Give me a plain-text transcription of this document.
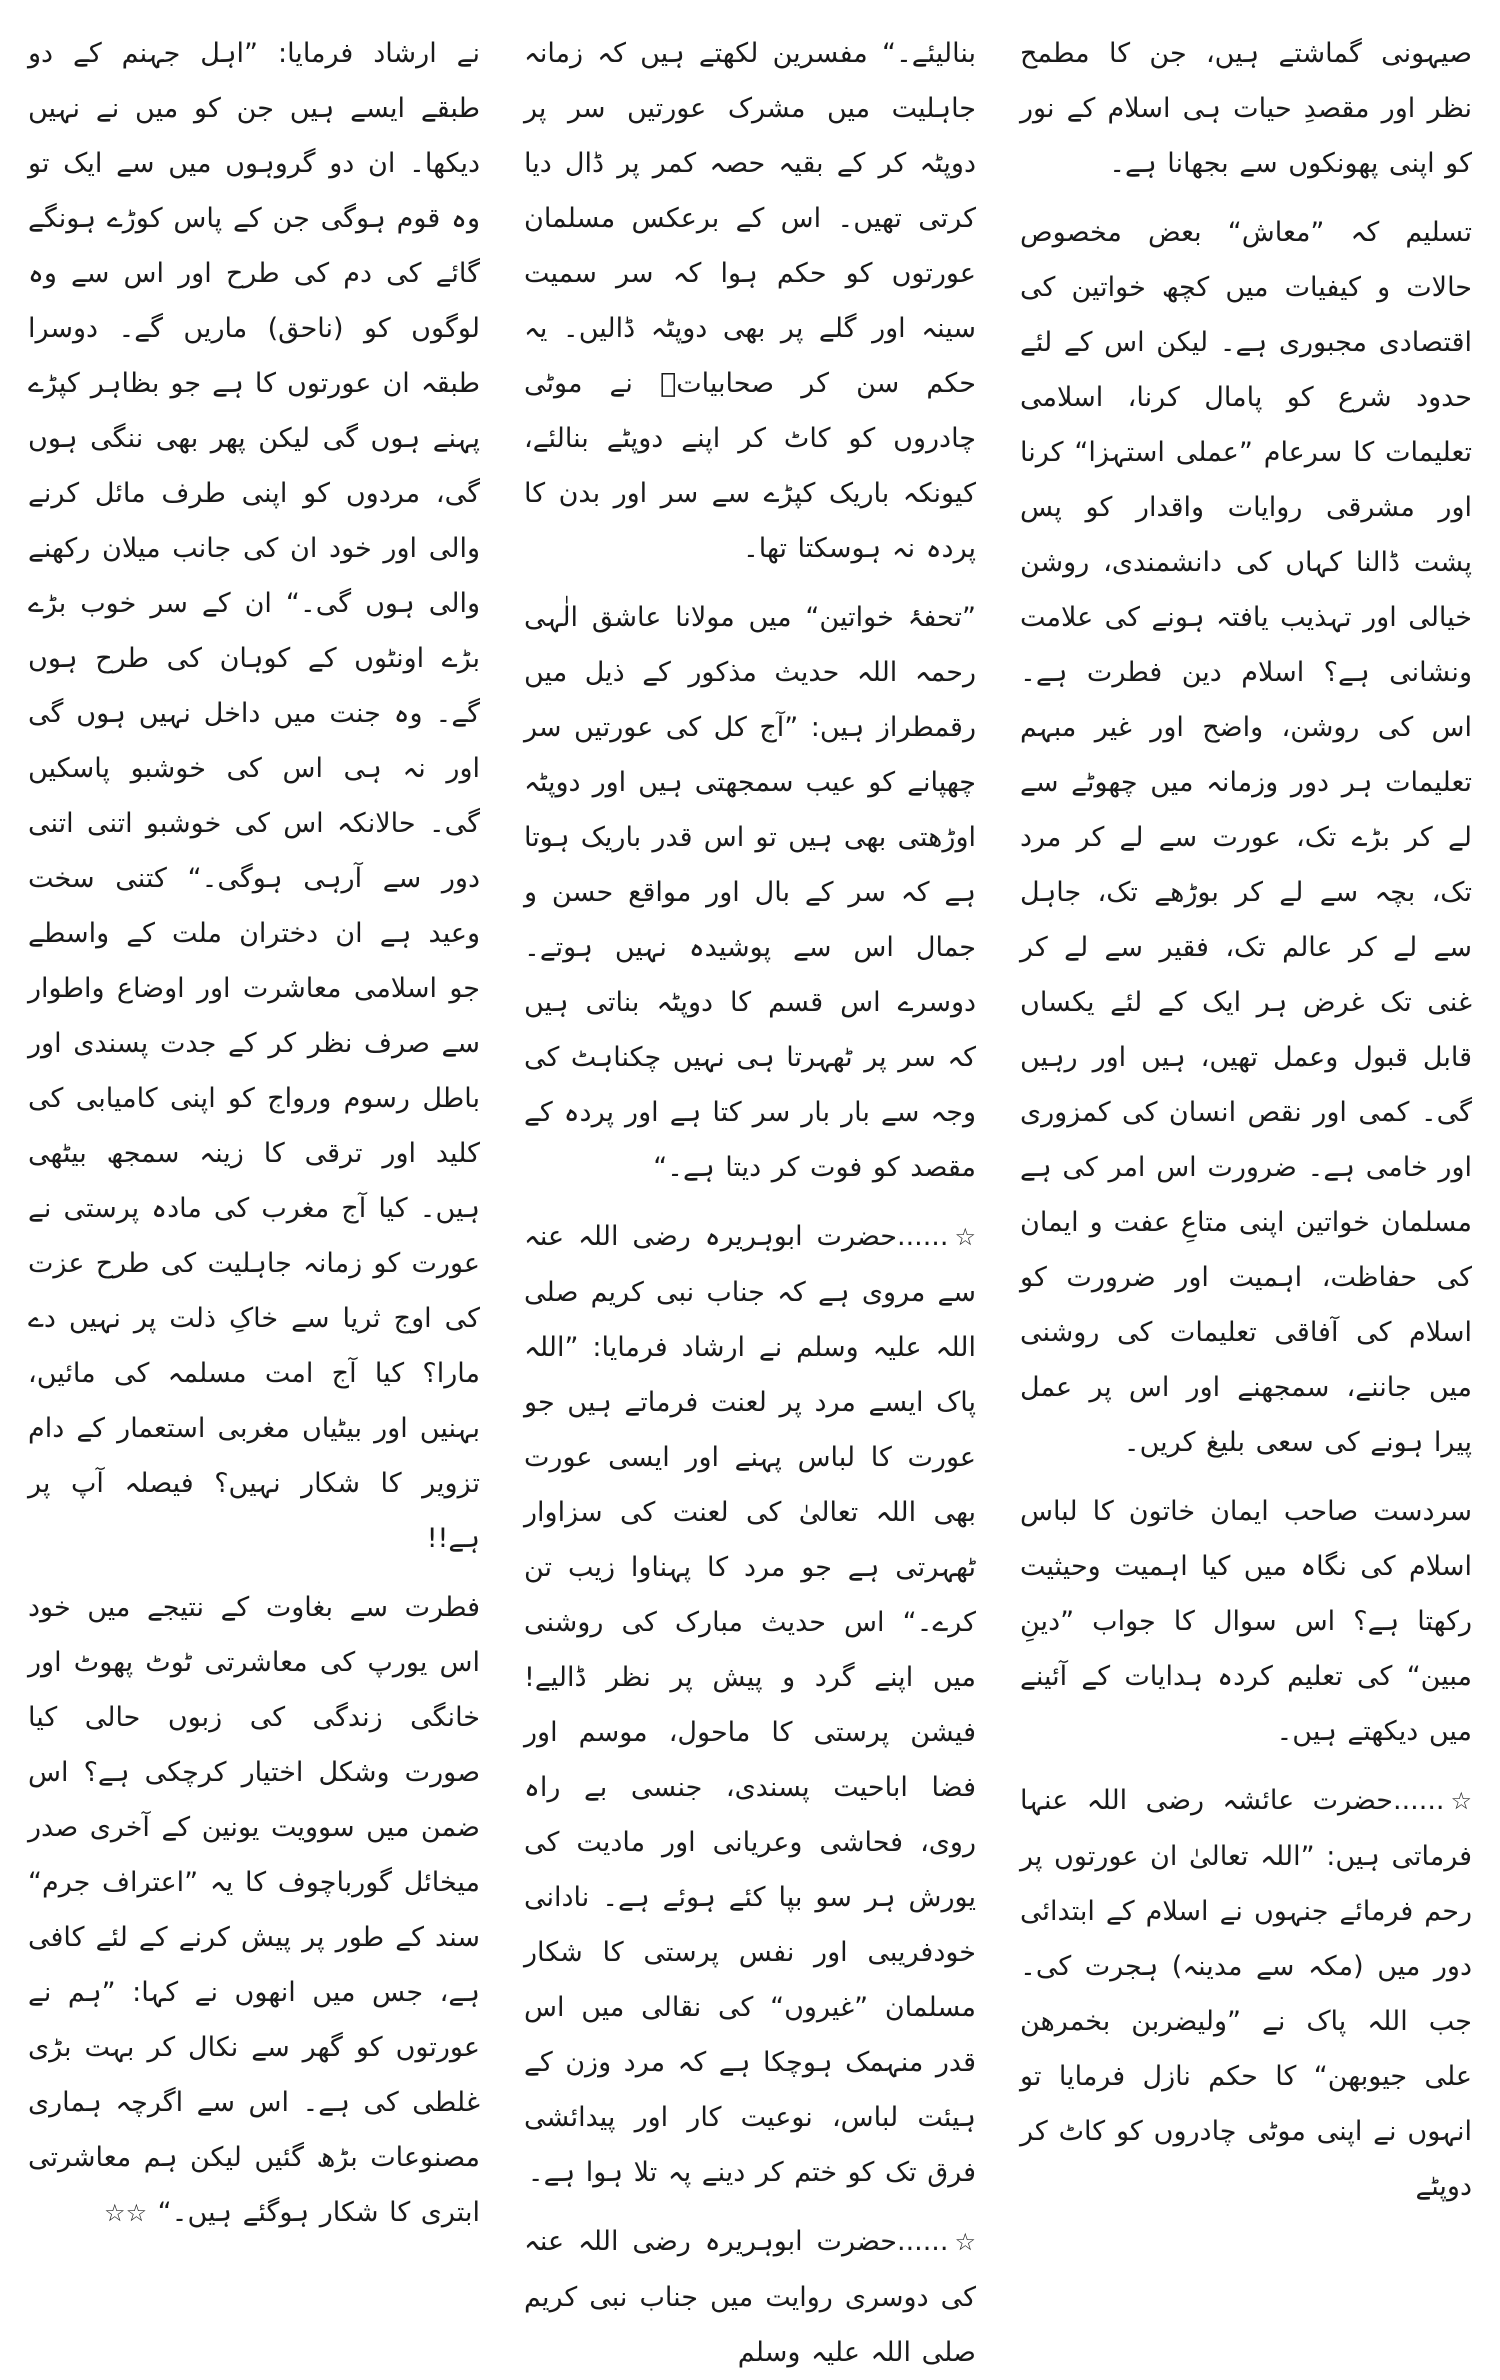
صیہونی گماشتے ہیں، جن کا مطمح نظر اور مقصدِ حیات ہی اسلام کے نور کو اپنی پھونکوں سے بجھانا ہے۔

تسلیم کہ ”معاش“ بعض مخصوص حالات و کیفیات میں کچھ خواتین کی اقتصادی مجبوری ہے۔ لیکن اس کے لئے حدود شرع کو پامال کرنا، اسلامی تعلیمات کا سرعام ”عملی استہزا“ کرنا اور مشرقی روایات واقدار کو پس پشت ڈالنا کہاں کی دانشمندی، روشن خیالی اور تہذیب یافتہ ہونے کی علامت ونشانی ہے؟ اسلام دین فطرت ہے۔ اس کی روشن، واضح اور غیر مبہم تعلیمات ہر دور وزمانہ میں چھوٹے سے لے کر بڑے تک، عورت سے لے کر مرد تک، بچہ سے لے کر بوڑھے تک، جاہل سے لے کر عالم تک، فقیر سے لے کر غنی تک غرض ہر ایک کے لئے یکساں قابل قبول وعمل تھیں، ہیں اور رہیں گی۔ کمی اور نقص انسان کی کمزوری اور خامی ہے۔ ضرورت اس امر کی ہے مسلمان خواتین اپنی متاعِ عفت و ایمان کی حفاظت، اہمیت اور ضرورت کو اسلام کی آفاقی تعلیمات کی روشنی میں جاننے، سمجھنے اور اس پر عمل پیرا ہونے کی سعی بلیغ کریں۔

سردست صاحب ایمان خاتون کا لباس اسلام کی نگاہ میں کیا اہمیت وحیثیت رکھتا ہے؟ اس سوال کا جواب ”دینِ مبین“ کی تعلیم کردہ ہدایات کے آئینے میں دیکھتے ہیں۔

☆......حضرت عائشہ رضی اللہ عنہا فرماتی ہیں: ”اللہ تعالیٰ ان عورتوں پر رحم فرمائے جنہوں نے اسلام کے ابتدائی دور میں (مکہ سے مدینہ) ہجرت کی۔ جب اللہ پاک نے ”ولیضربن بخمرھن علی جیوبھن“ کا حکم نازل فرمایا تو انہوں نے اپنی موٹی چادروں کو کاٹ کر دوپٹے

بنالیئے۔“ مفسرین لکھتے ہیں کہ زمانہ جاہلیت میں مشرک عورتیں سر پر دوپٹہ کر کے بقیہ حصہ کمر پر ڈال دیا کرتی تھیں۔ اس کے برعکس مسلمان عورتوں کو حکم ہوا کہ سر سمیت سینہ اور گلے پر بھی دوپٹہ ڈالیں۔ یہ حکم سن کر صحابیاتؓ نے موٹی چادروں کو کاٹ کر اپنے دوپٹے بنالئے، کیونکہ باریک کپڑے سے سر اور بدن کا پردہ نہ ہوسکتا تھا۔

”تحفۂ خواتین“ میں مولانا عاشق الٰہی رحمہ اللہ حدیث مذکور کے ذیل میں رقمطراز ہیں: ”آج کل کی عورتیں سر چھپانے کو عیب سمجھتی ہیں اور دوپٹہ اوڑھتی بھی ہیں تو اس قدر باریک ہوتا ہے کہ سر کے بال اور مواقع حسن و جمال اس سے پوشیدہ نہیں ہوتے۔ دوسرے اس قسم کا دوپٹہ بناتی ہیں کہ سر پر ٹھہرتا ہی نہیں چکناہٹ کی وجہ سے بار بار سر کتا ہے اور پردہ کے مقصد کو فوت کر دیتا ہے۔“

☆......حضرت ابوہریرہ رضی اللہ عنہ سے مروی ہے کہ جناب نبی کریم صلی اللہ علیہ وسلم نے ارشاد فرمایا: ”اللہ پاک ایسے مرد پر لعنت فرماتے ہیں جو عورت کا لباس پہنے اور ایسی عورت بھی اللہ تعالیٰ کی لعنت کی سزاوار ٹھہرتی ہے جو مرد کا پہناوا زیب تن کرے۔“ اس حدیث مبارک کی روشنی میں اپنے گرد و پیش پر نظر ڈالیے! فیشن پرستی کا ماحول، موسم اور فضا اباحیت پسندی، جنسی بے راہ روی، فحاشی وعریانی اور مادیت کی یورش ہر سو بپا کئے ہوئے ہے۔ نادانی خودفریبی اور نفس پرستی کا شکار مسلمان ”غیروں“ کی نقالی میں اس قدر منہمک ہوچکا ہے کہ مرد وزن کے ہیئت لباس، نوعیت کار اور پیدائشی فرق تک کو ختم کر دینے پہ تلا ہوا ہے۔

☆......حضرت ابوہریرہ رضی اللہ عنہ کی دوسری روایت میں جناب نبی کریم صلی اللہ علیہ وسلم

نے ارشاد فرمایا: ”اہل جہنم کے دو طبقے ایسے ہیں جن کو میں نے نہیں دیکھا۔ ان دو گروہوں میں سے ایک تو وہ قوم ہوگی جن کے پاس کوڑے ہونگے گائے کی دم کی طرح اور اس سے وہ لوگوں کو (ناحق) ماریں گے۔ دوسرا طبقہ ان عورتوں کا ہے جو بظاہر کپڑے پہنے ہوں گی لیکن پھر بھی ننگی ہوں گی، مردوں کو اپنی طرف مائل کرنے والی اور خود ان کی جانب میلان رکھنے والی ہوں گی۔“ ان کے سر خوب بڑے بڑے اونٹوں کے کوہان کی طرح ہوں گے۔ وہ جنت میں داخل نہیں ہوں گی اور نہ ہی اس کی خوشبو پاسکیں گی۔ حالانکہ اس کی خوشبو اتنی اتنی دور سے آرہی ہوگی۔“ کتنی سخت وعید ہے ان دختران ملت کے واسطے جو اسلامی معاشرت اور اوضاع واطوار سے صرف نظر کر کے جدت پسندی اور باطل رسوم ورواج کو اپنی کامیابی کی کلید اور ترقی کا زینہ سمجھ بیٹھی ہیں۔ کیا آج مغرب کی مادہ پرستی نے عورت کو زمانہ جاہلیت کی طرح عزت کی اوج ثریا سے خاکِ ذلت پر نہیں دے مارا؟ کیا آج امت مسلمہ کی مائیں، بہنیں اور بیٹیاں مغربی استعمار کے دام تزویر کا شکار نہیں؟ فیصلہ آپ پر ہے!!

فطرت سے بغاوت کے نتیجے میں خود اس یورپ کی معاشرتی ٹوٹ پھوٹ اور خانگی زندگی کی زبوں حالی کیا صورت وشکل اختیار کرچکی ہے؟ اس ضمن میں سوویت یونین کے آخری صدر میخائل گورباچوف کا یہ ”اعتراف جرم“ سند کے طور پر پیش کرنے کے لئے کافی ہے، جس میں انھوں نے کہا: ”ہم نے عورتوں کو گھر سے نکال کر بہت بڑی غلطی کی ہے۔ اس سے اگرچہ ہماری مصنوعات بڑھ گئیں لیکن ہم معاشرتی ابتری کا شکار ہوگئے ہیں۔“ ☆☆
